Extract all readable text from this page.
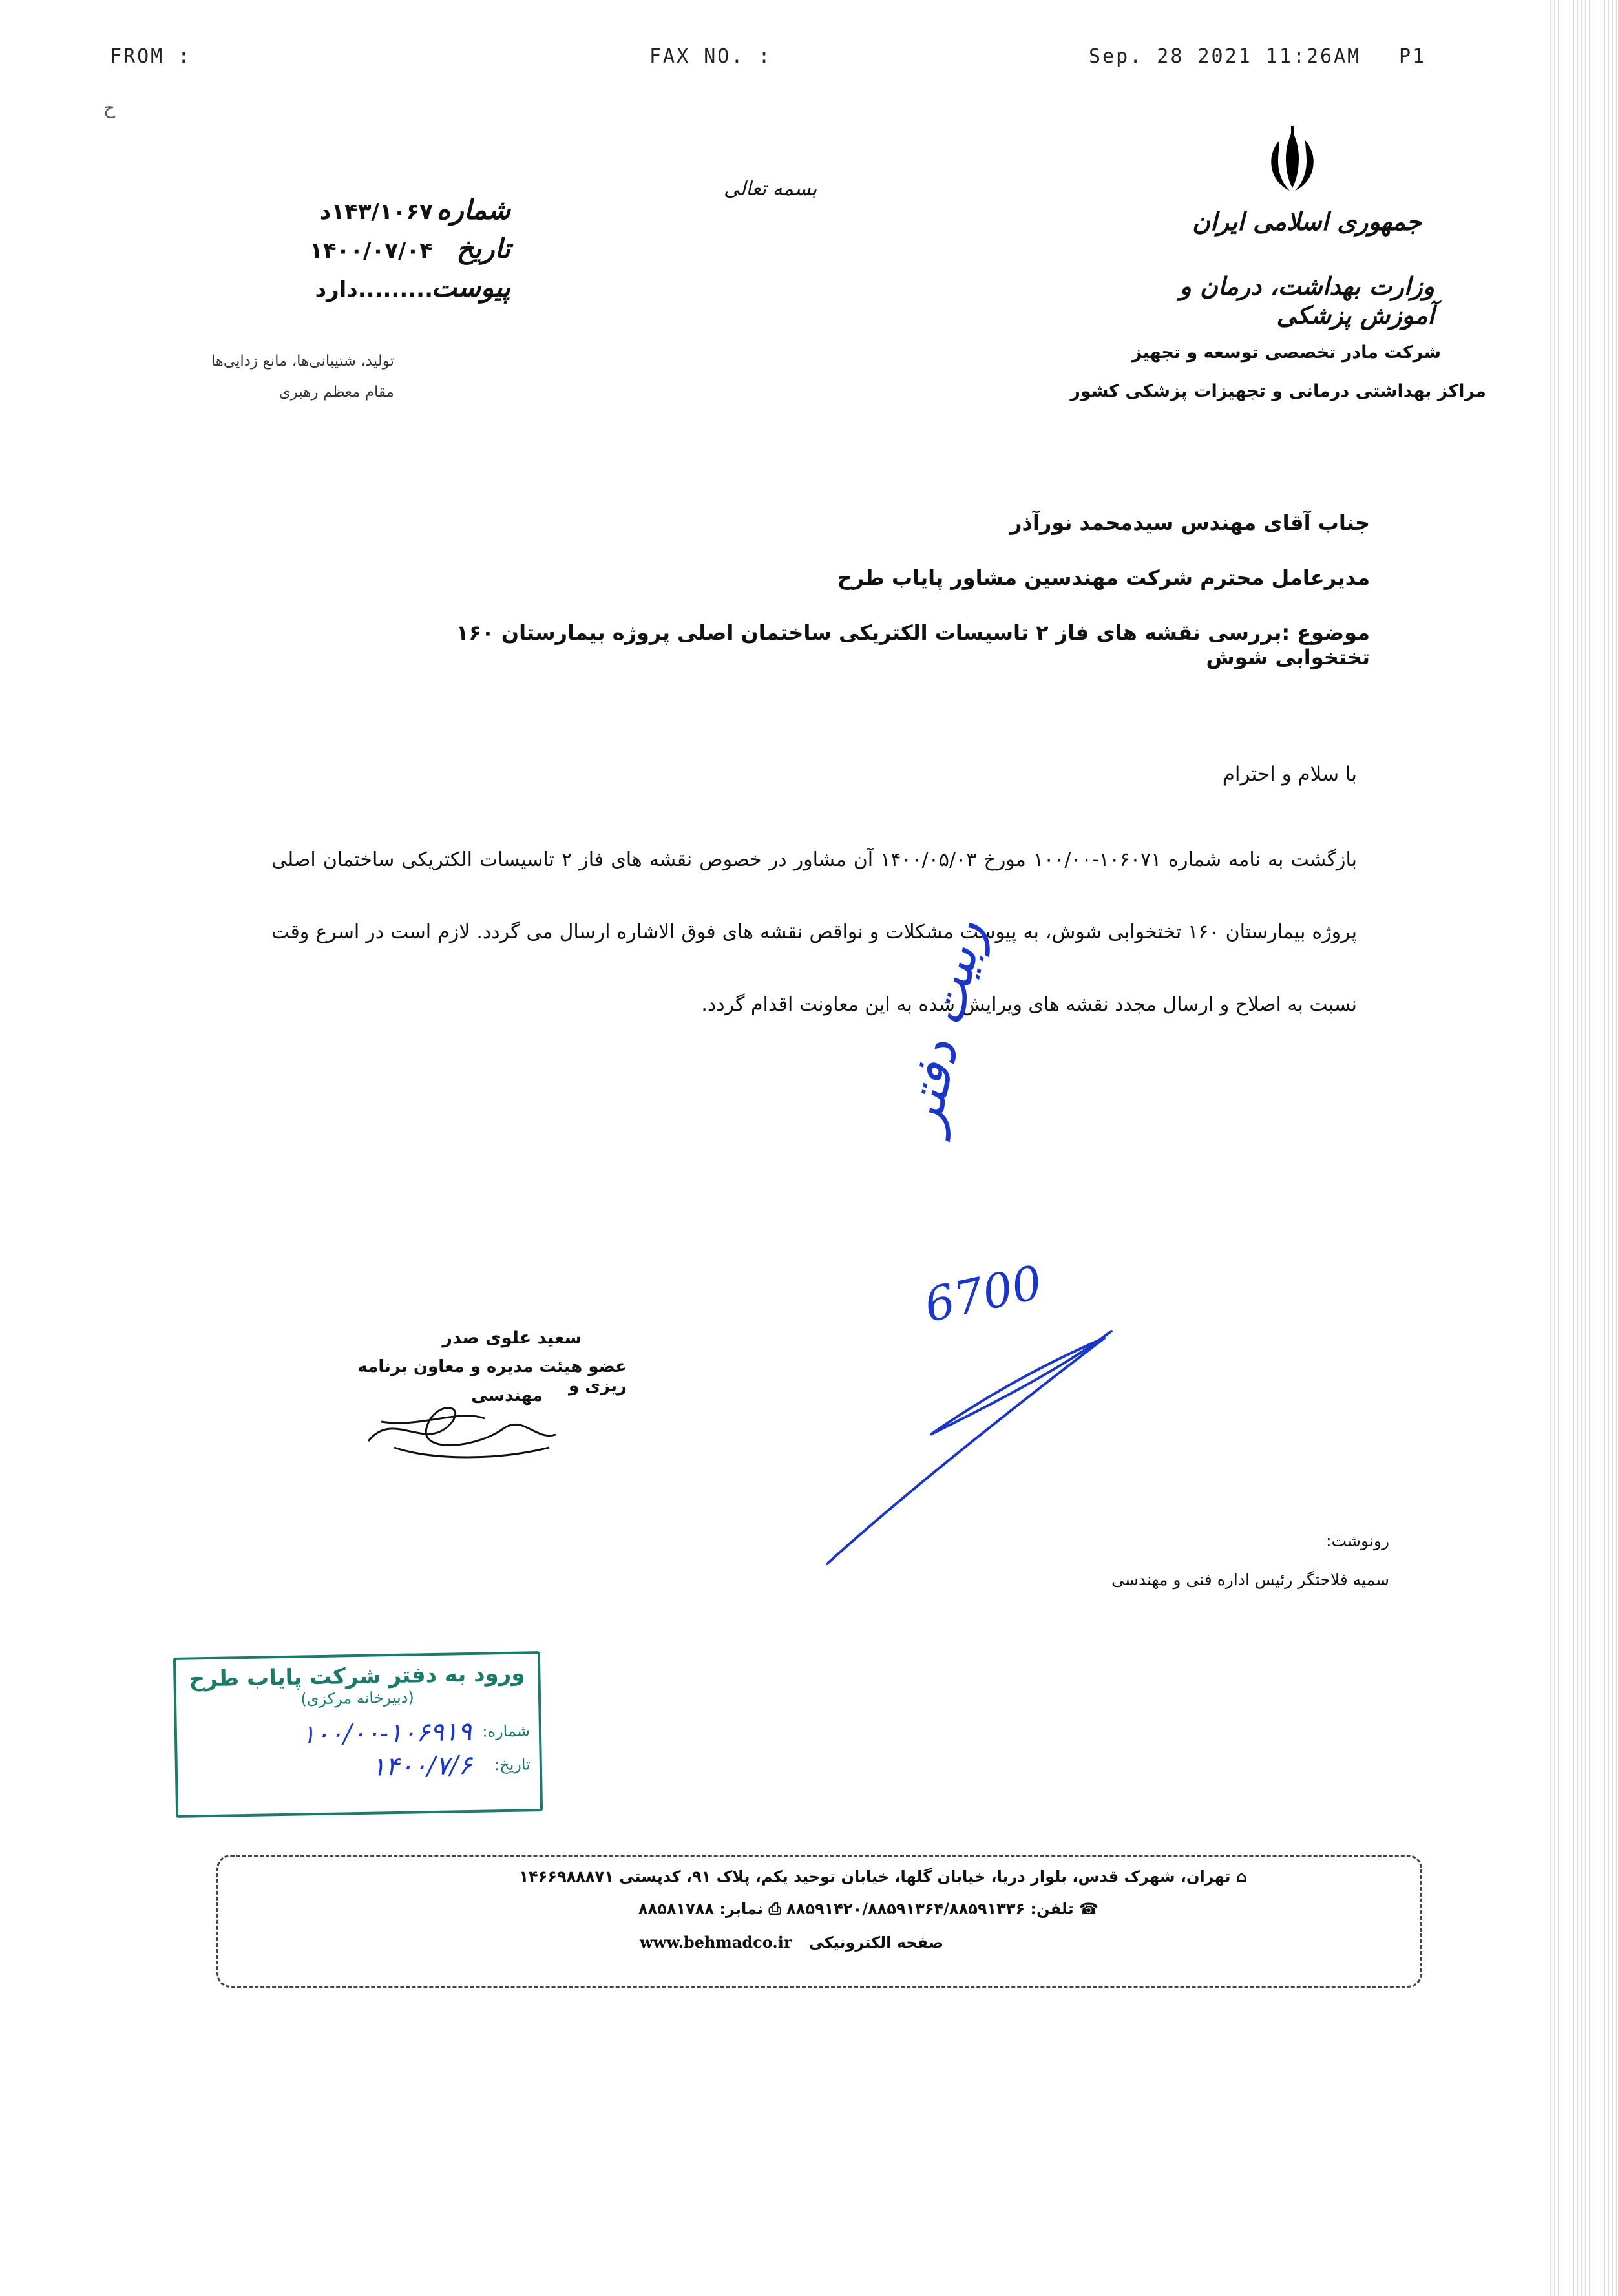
FROM :	FAX NO. :	Sep. 28 2021 11:26AM P1
ح
بسمه تعالی
جمهوری اسلامی ایران
وزارت بهداشت، درمان و آموزش پزشکی
شرکت مادر تخصصی توسعه و تجهیز
مراکز بهداشتی درمانی و تجهیزات پزشکی کشور
شماره
۱۴۳/۱۰۶۷د
تاریخ
۱۴۰۰/۰۷/۰۴
پیوست
.........دارد
تولید، شتیبانی‌ها، مانع زدایی‌ها
مقام معظم رهبری
جناب آقای مهندس سیدمحمد نورآذر
مدیرعامل محترم شرکت مهندسین مشاور پایاب طرح
موضوع :بررسی نقشه های فاز ۲ تاسیسات الکتریکی ساختمان اصلی پروژه بیمارستان ۱۶۰ تختخوابی شوش
با سلام و احترام
بازگشت به نامه شماره ۱۰۶۰۷۱-۱۰۰/۰۰ مورخ ۱۴۰۰/۰۵/۰۳ آن مشاور در خصوص نقشه های فاز ۲ تاسیسات الکتریکی ساختمان اصلی پروژه بیمارستان ۱۶۰ تختخوابی شوش، به پیوست مشکلات و نواقص نقشه های فوق الاشاره ارسال می گردد. لازم است در اسرع وقت نسبت به اصلاح و ارسال مجدد نقشه های ویرایش شده به این معاونت اقدام گردد.
ربیت دفتر
6700
سعید علوی صدر
عضو هیئت مدیره و معاون برنامه ریزی و
مهندسی
رونوشت:
سمیه فلاحتگر رئیس اداره فنی و مهندسی
ورود به دفتر شرکت پایاب طرح
(دبیرخانه مرکزی)
شماره:
۱۰۰/۰۰-۱۰۶۹۱۹
تاریخ:
۱۴۰۰/۷/۶
⌂ تهران، شهرک قدس، بلوار دریا، خیابان گلها، خیابان توحید یکم، پلاک ۹۱، کدپستی ۱۴۶۶۹۸۸۸۷۱
☎ تلفن: ۸۸۵۹۱۴۲۰/۸۸۵۹۱۳۶۴/۸۸۵۹۱۳۳۶ ⎙ نمابر: ۸۸۵۸۱۷۸۸
www.behmadco.ir صفحه الکترونیکی
